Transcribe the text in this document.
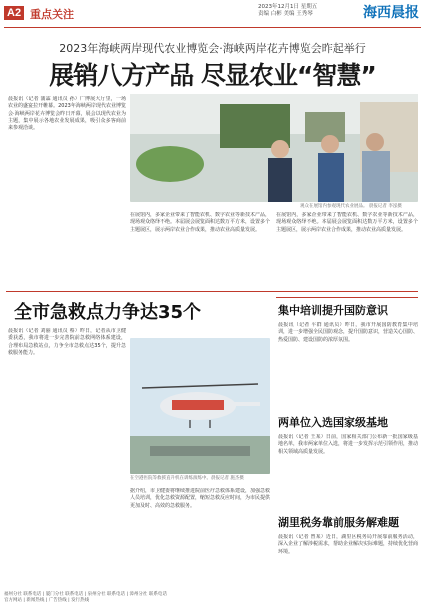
A2 重点关注
2023年12月1日 星期五
责编 白彬 美编 王秀琴	海西晨报
2023年海峡两岸现代农业博览会·海峡两岸花卉博览会昨起举行
展销八方产品 尽显农业“智慧”
晨报讯（记者 蒲霖 通讯员 孙）广博展大厅里，一场农业的盛宴拉开帷幕。2023年海峡两岸现代农业博览会·海峡两岸花卉博览会昨日开幕，展会以现代农业为主题，集中展示各地农业发展成果，吸引众多客商前来参观洽谈。
观众在展馆内参观现代农业展品。 晨报记者 李泓摄
在展馆内，多家企业带来了智能农机、数字农业等新技术产品，现场观众络绎不绝。本届展会展览面积达数万平方米，设置多个主题展区，展示两岸农业合作成果，推动农业高质量发展。
在展馆内，多家企业带来了智能农机、数字农业等新技术产品，现场观众络绎不绝。本届展会展览面积达数万平方米，设置多个主题展区，展示两岸农业合作成果，推动农业高质量发展。
全市急救点力争达35个
晨报讯（记者 刘丽 通讯员 蔡）昨日，记者从市卫健委获悉，我市将进一步完善院前急救网络体系建设，合理布局急救站点，力争全市急救点达35个，提升急救服务能力。
在空港医院等救援直升机在训练演练中。晨报记者 施杰摄
据介绍，市卫健委将继续推进院前医疗急救体系建设，加强急救人员培训，优化急救资源配置，缩短急救反应时间，为市民提供更加及时、高效的急救服务。
集中培训提升国防意识
晨报讯（记者 平群 通讯员）昨日，我市开展国防教育集中培训，进一步增强全民国防观念，提升国防意识，营造关心国防、热爱国防、建设国防的浓厚氛围。
两单位入选国家级基地
晨报讯（记者 王某）日前，国家相关部门公布新一批国家级基地名单，我市两家单位入选，将进一步发挥示范引领作用，推动相关领域高质量发展。
湖里税务靠前服务解难题
晨报讯（记者 曾某）近日，湖里区税务局开展靠前服务活动，深入企业了解涉税需求，帮助企业解决实际难题，持续优化营商环境。
福州分社 联系电话 | 厦门分社 联系电话 | 泉州分社 联系电话 | 漳州分社 联系电话
官方网站 | 新闻热线 | 广告热线 | 发行热线
